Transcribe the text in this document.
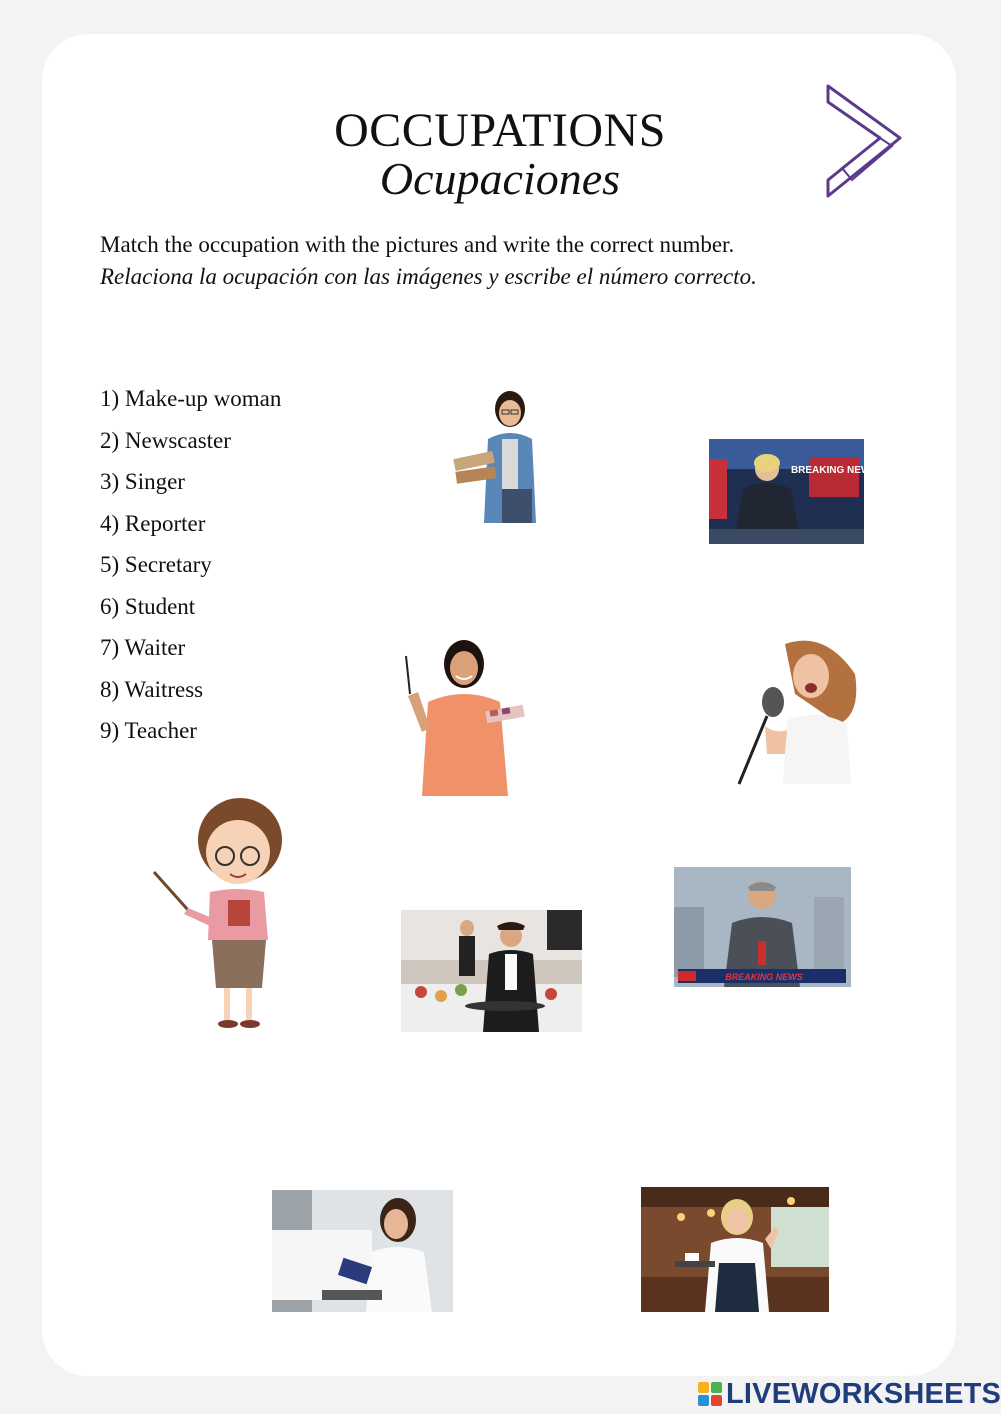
OCCUPATIONS
Ocupaciones
Match the occupation with the pictures and write the correct number.
Relaciona la ocupación con las imágenes y escribe el número correcto.
1) Make-up woman
2) Newscaster
3) Singer
4) Reporter
5) Secretary
6) Student
7) Waiter
8) Waitress
9) Teacher
BREAKING NEWS
BREAKING NEWS
LIVEWORKSHEETS
